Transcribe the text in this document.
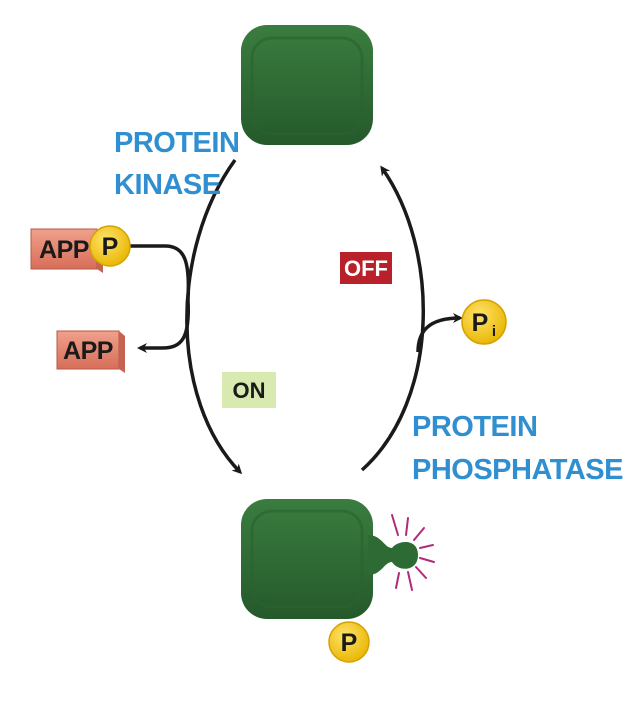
P
APP P
APP
P i
OFF
ON
PROTEIN
KINASE
PROTEIN
PHOSPHATASE
